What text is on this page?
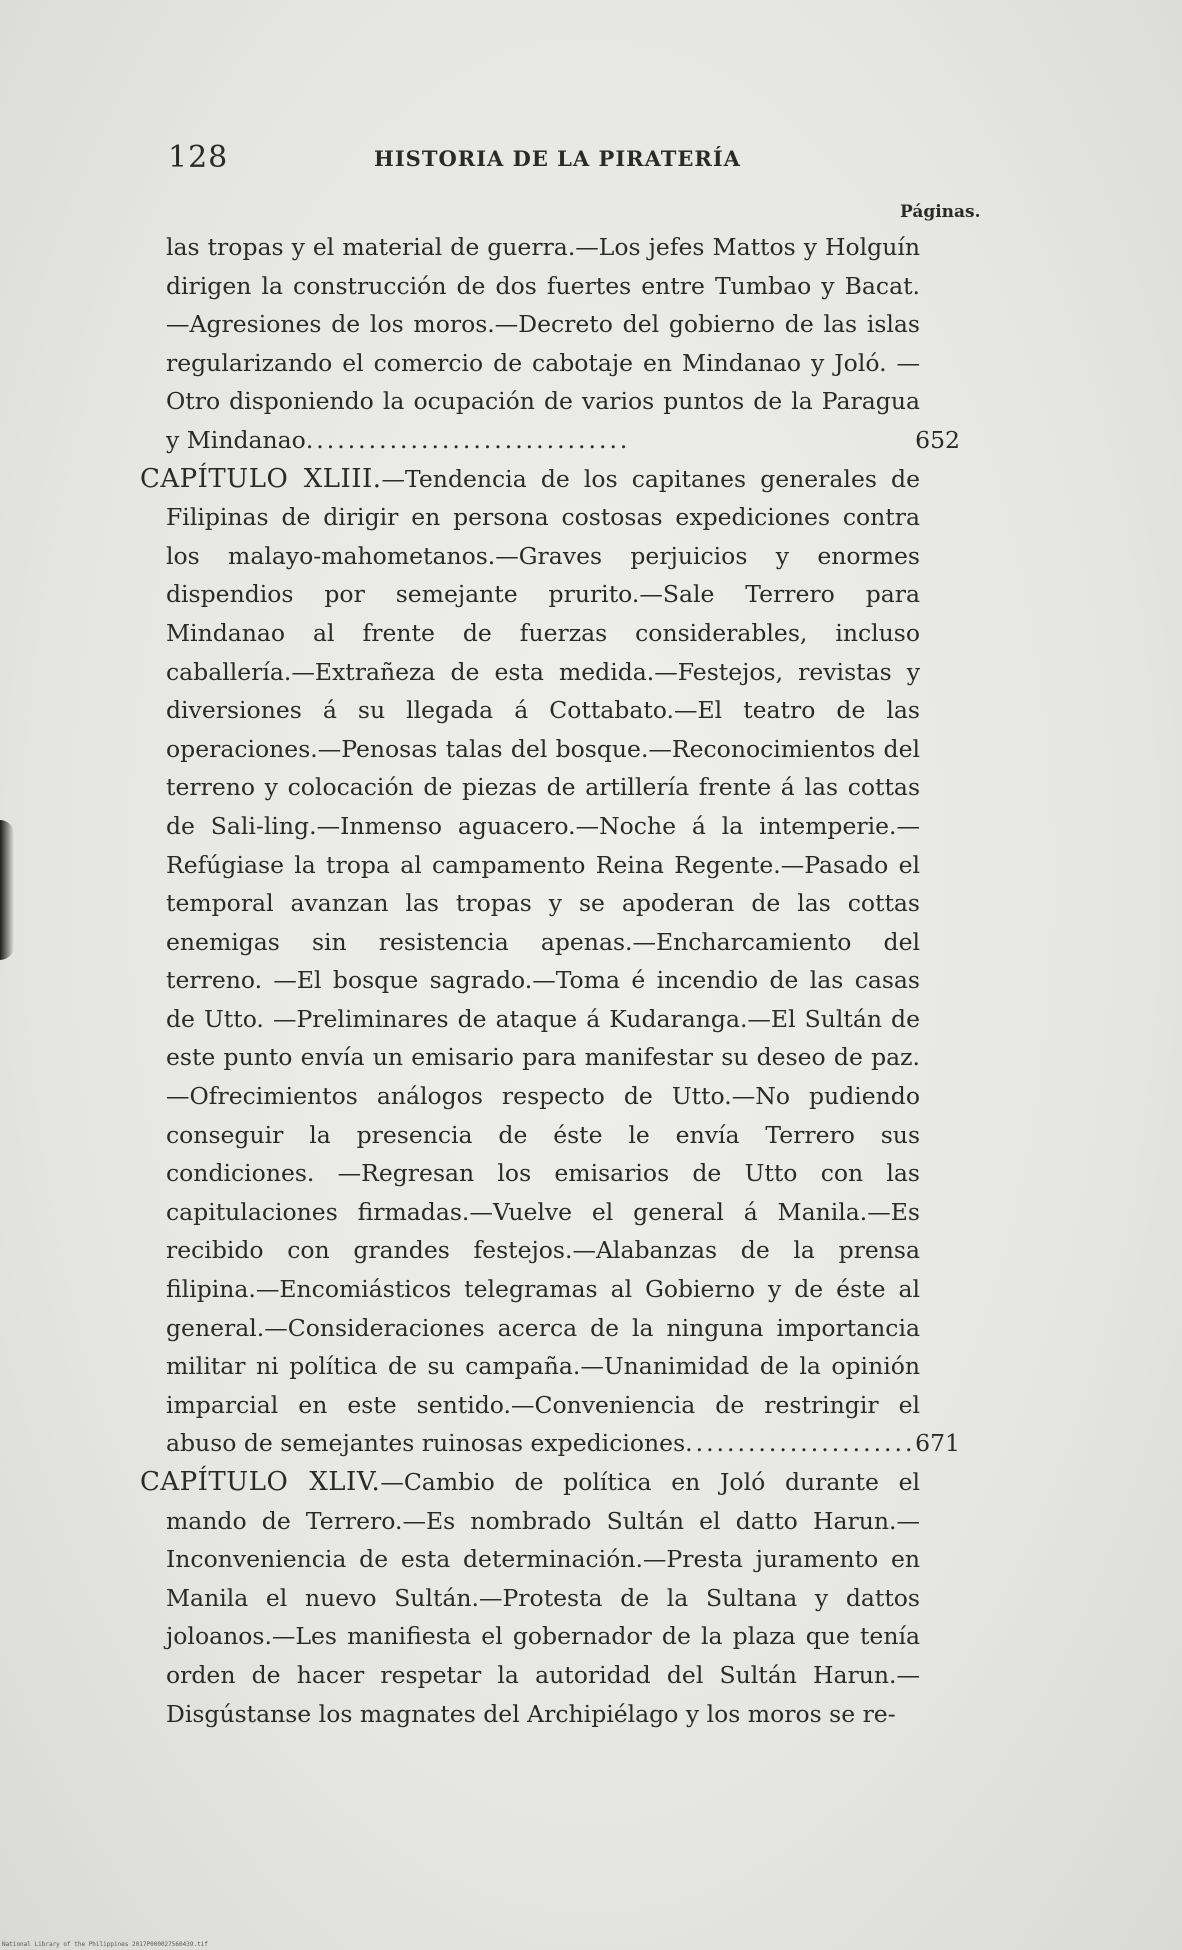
128	HISTORIA DE LA PIRATERÍA
Páginas.

las tropas y el material de guerra.—Los jefes Mattos y Holguín dirigen la construcción de dos fuertes entre Tumbao y Bacat. —Agresiones de los moros.—Decreto del gobierno de las islas regularizando el comercio de cabotaje en Mindanao y Joló. —Otro disponiendo la ocupación de varios puntos de la Paragua y Mindanao...............................	652

CAPÍTULO XLIII.—Tendencia de los capitanes generales de Filipinas de dirigir en persona costosas expediciones contra los malayo-mahometanos.—Graves perjuicios y enormes dispendios por semejante prurito.—Sale Terrero para Mindanao al frente de fuerzas considerables, incluso caballería.—Extrañeza de esta medida.—Festejos, revistas y diversiones á su llegada á Cottabato.—El teatro de las operaciones.—Penosas talas del bosque.—Reconocimientos del terreno y colocación de piezas de artillería frente á las cottas de Sali-ling.—Inmenso aguacero.—Noche á la intemperie.—Refúgiase la tropa al campamento Reina Regente.—Pasado el temporal avanzan las tropas y se apoderan de las cottas enemigas sin resistencia apenas.—Encharcamiento del terreno. —El bosque sagrado.—Toma é incendio de las casas de Utto. —Preliminares de ataque á Kudaranga.—El Sultán de este punto envía un emisario para manifestar su deseo de paz.—Ofrecimientos análogos respecto de Utto.—No pudiendo conseguir la presencia de éste le envía Terrero sus condiciones. —Regresan los emisarios de Utto con las capitulaciones firmadas.—Vuelve el general á Manila.—Es recibido con grandes festejos.—Alabanzas de la prensa filipina.—Encomiásticos telegramas al Gobierno y de éste al general.—Consideraciones acerca de la ninguna importancia militar ni política de su campaña.—Unanimidad de la opinión imparcial en este sentido.—Conveniencia de restringir el abuso de semejantes ruinosas expediciones...................... 671

CAPÍTULO XLIV.—Cambio de política en Joló durante el mando de Terrero.—Es nombrado Sultán el datto Harun.—Inconveniencia de esta determinación.—Presta juramento en Manila el nuevo Sultán.—Protesta de la Sultana y dattos joloanos.—Les manifiesta el gobernador de la plaza que tenía orden de hacer respetar la autoridad del Sultán Harun.—Disgústanse los magnates del Archipiélago y los moros se re-

National Library of the Philippines 2017P000027560439.tif
